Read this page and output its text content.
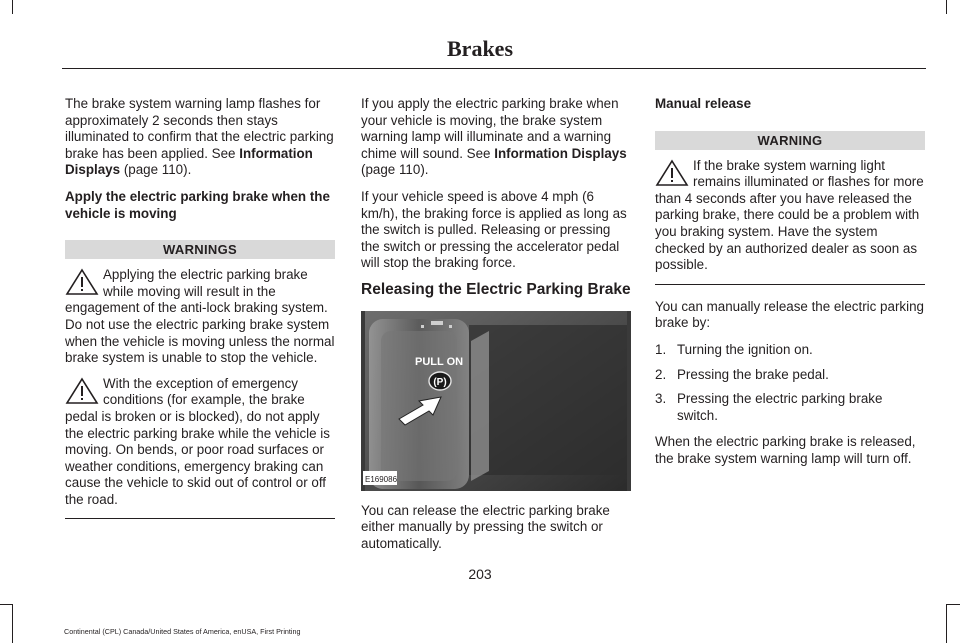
Brakes

The brake system warning lamp flashes for approximately 2 seconds then stays illuminated to confirm that the electric parking brake has been applied. See Information Displays (page 110).

Apply the electric parking brake when the vehicle is moving

WARNINGS
Applying the electric parking brake while moving will result in the engagement of the anti-lock braking system. Do not use the electric parking brake system when the vehicle is moving unless the normal brake system is unable to stop the vehicle.
With the exception of emergency conditions (for example, the brake pedal is broken or is blocked), do not apply the electric parking brake while the vehicle is moving. On bends, or poor road surfaces or weather conditions, emergency braking can cause the vehicle to skid out of control or off the road.

If you apply the electric parking brake when your vehicle is moving, the brake system warning lamp will illuminate and a warning chime will sound. See Information Displays (page 110).

If your vehicle speed is above 4 mph (6 km/h), the braking force is applied as long as the switch is pulled. Releasing or pressing the switch or pressing the accelerator pedal will stop the braking force.

Releasing the Electric Parking Brake
PULL ON
(P)
E169086

You can release the electric parking brake either manually by pressing the switch or automatically.

Manual release

WARNING
If the brake system warning light remains illuminated or flashes for more than 4 seconds after you have released the parking brake, there could be a problem with you braking system. Have the system checked by an authorized dealer as soon as possible.

You can manually release the electric parking brake by:

1. Turning the ignition on.
2. Pressing the brake pedal.
3. Pressing the electric parking brake switch.

When the electric parking brake is released, the brake system warning lamp will turn off.

203
Continental (CPL) Canada/United States of America, enUSA, First Printing
